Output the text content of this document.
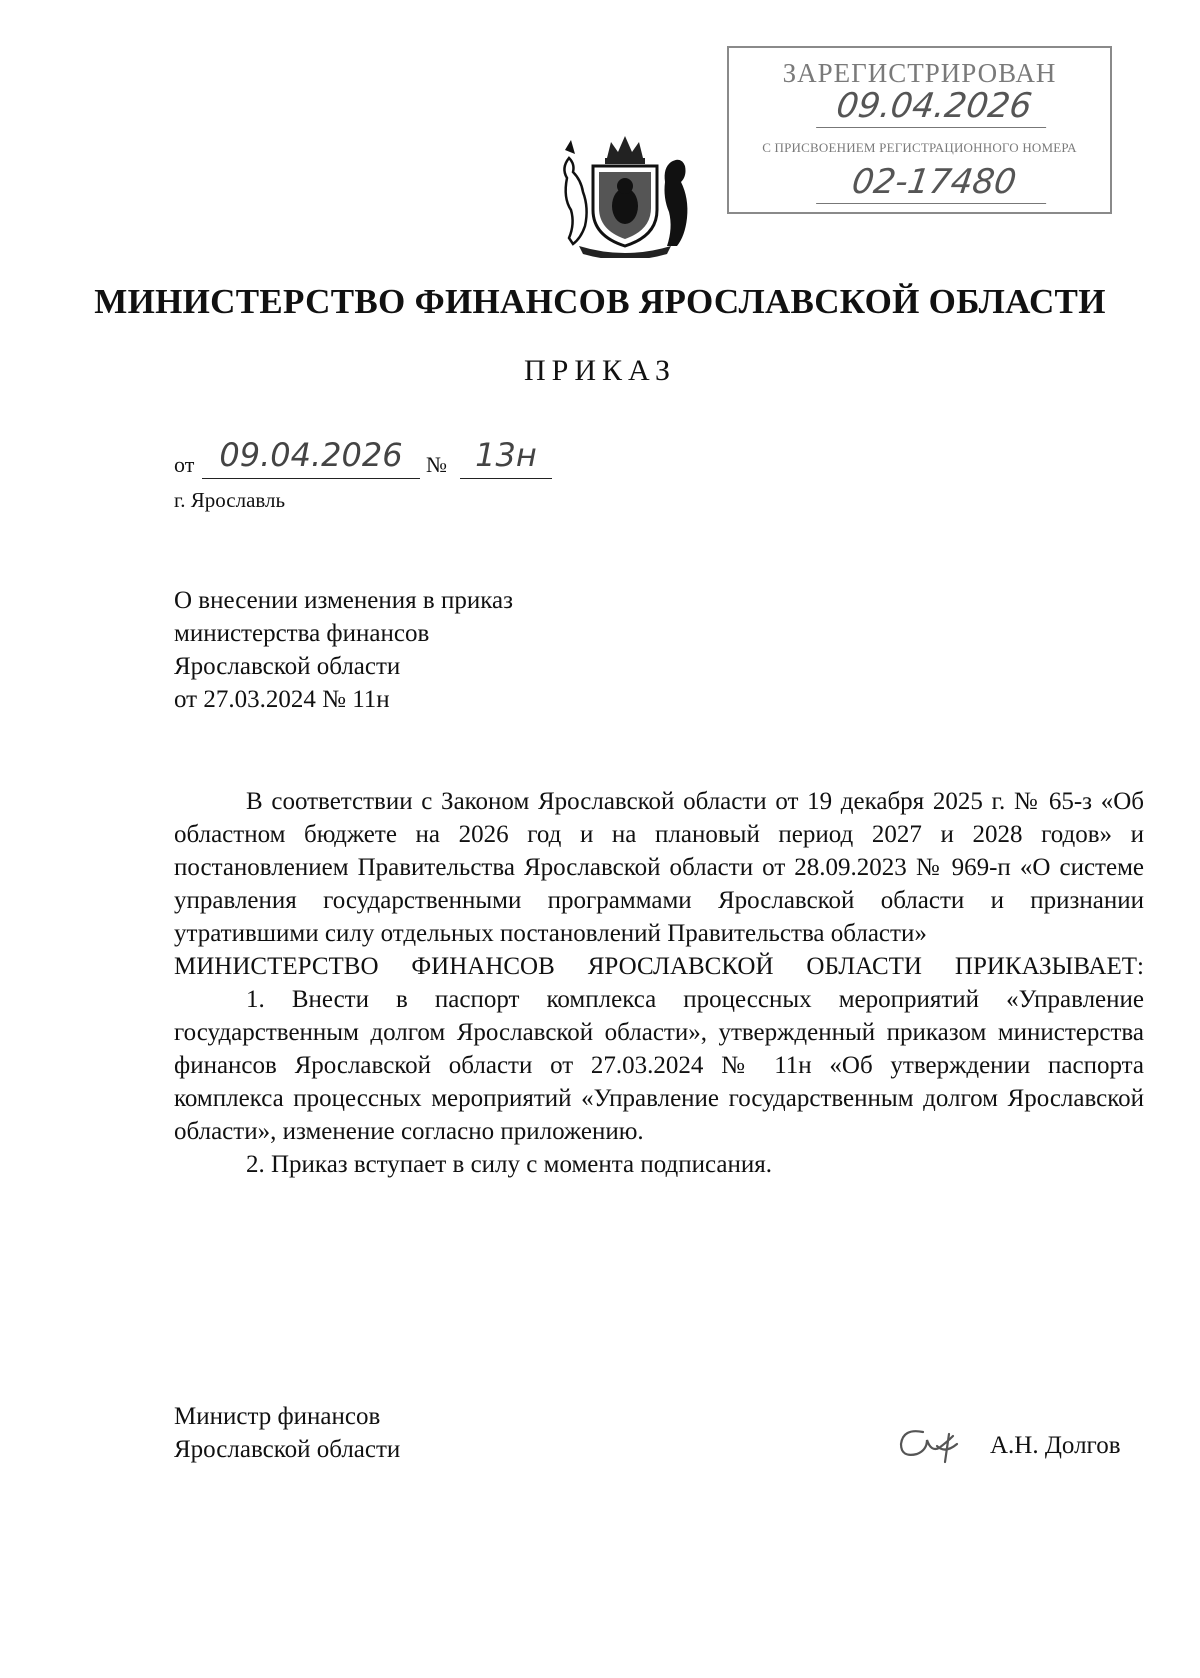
ЗАРЕГИСТРИРОВАН
09.04.2026
С ПРИСВОЕНИЕМ РЕГИСТРАЦИОННОГО НОМЕРА
02-17480
МИНИСТЕРСТВО ФИНАНСОВ ЯРОСЛАВСКОЙ ОБЛАСТИ
ПРИКАЗ
от 09.04.2026	№ 13н
г. Ярославль
О внесении изменения в приказ
министерства финансов
Ярославской области
от 27.03.2024 № 11н

В соответствии с Законом Ярославской области от 19 декабря 2025 г. № 65-з «Об областном бюджете на 2026 год и на плановый период 2027 и 2028 годов» и постановлением Правительства Ярославской области от 28.09.2023 № 969-п «О системе управления государственными программами Ярославской области и признании утратившими силу отдельных постановлений Правительства области»

МИНИСТЕРСТВО ФИНАНСОВ ЯРОСЛАВСКОЙ ОБЛАСТИ ПРИКАЗЫВАЕТ:

1. Внести в паспорт комплекса процессных мероприятий «Управление государственным долгом Ярославской области», утвержденный приказом министерства финансов Ярославской области от 27.03.2024 № 11н «Об утверждении паспорта комплекса процессных мероприятий «Управление государственным долгом Ярославской области», изменение согласно приложению.

2. Приказ вступает в силу с момента подписания.

Министр финансов
Ярославской области	А.Н. Долгов
